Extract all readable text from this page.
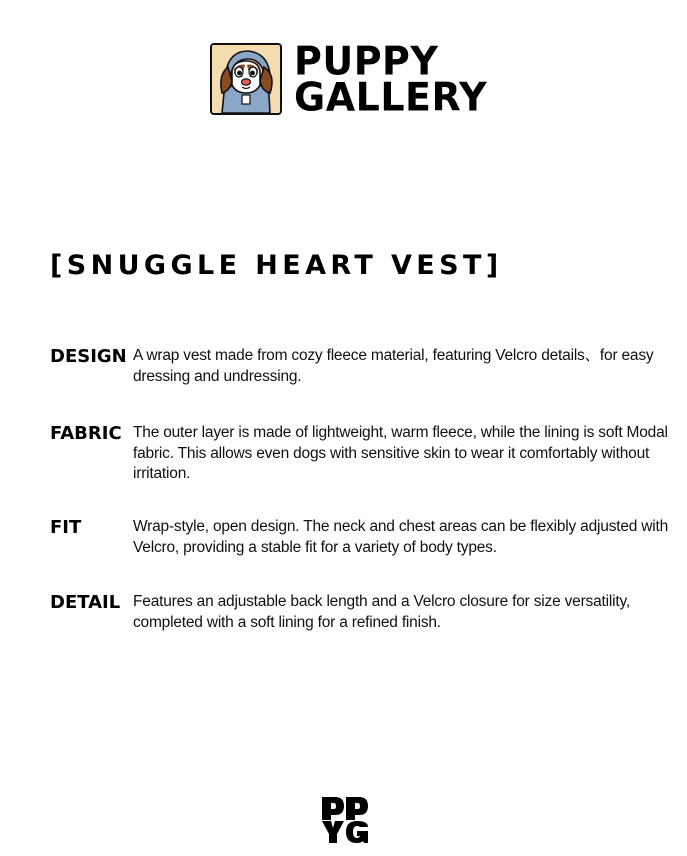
PUPPY
GALLERY
[SNUGGLE HEART VEST]
DESIGN A wrap vest made from cozy fleece material, featuring Velcro details、for easy dressing and undressing.
FABRIC The outer layer is made of lightweight, warm fleece, while the lining is soft Modal fabric. This allows even dogs with sensitive skin to wear it comfortably without irritation.
FIT	Wrap-style, open design. The neck and chest areas can be flexibly adjusted with Velcro, providing a stable fit for a variety of body types.
DETAIL Features an adjustable back length and a Velcro closure for size versatility, completed with a soft lining for a refined finish.
